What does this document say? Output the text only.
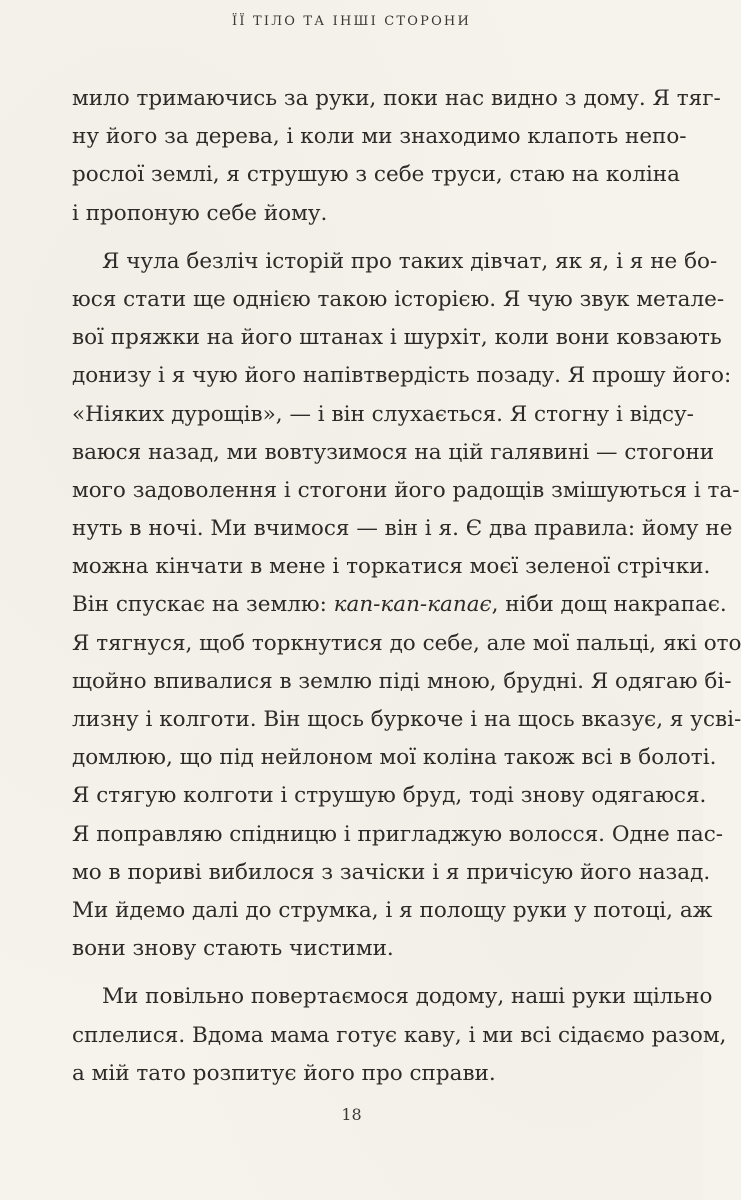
ЇЇ ТІЛО ТА ІНШІ СТОРОНИ
мило тримаючись за руки, поки нас видно з дому. Я тяг-
ну його за дерева, і коли ми знаходимо клапоть непо-
рослої землі, я струшую з себе труси, стаю на коліна
і пропоную себе йому.
Я чула безліч історій про таких дівчат, як я, і я не бо-
юся стати ще однією такою історією. Я чую звук метале-
вої пряжки на його штанах і шурхіт, коли вони ковзають
донизу і я чую його напівтвердість позаду. Я прошу його:
«Ніяких дурощів», — і він слухається. Я стогну і відсу-
ваюся назад, ми вовтузимося на цій галявині — стогони
мого задоволення і стогони його радощів змішуються і та-
нуть в ночі. Ми вчимося — він і я. Є два правила: йому не
можна кінчати в мене і торкатися моєї зеленої стрічки.
Він спускає на землю: кап-кап-капає, ніби дощ накрапає.
Я тягнуся, щоб торкнутися до себе, але мої пальці, які ото
щойно впивалися в землю піді мною, брудні. Я одягаю бі-
лизну і колготи. Він щось буркоче і на щось вказує, я усві-
домлюю, що під нейлоном мої коліна також всі в болоті.
Я стягую колготи і струшую бруд, тоді знову одягаюся.
Я поправляю спідницю і пригладжую волосся. Одне пас-
мо в пориві вибилося з зачіски і я причісую його назад.
Ми йдемо далі до струмка, і я полощу руки у потоці, аж
вони знову стають чистими.
Ми повільно повертаємося додому, наші руки щільно
сплелися. Вдома мама готує каву, і ми всі сідаємо разом,
а мій тато розпитує його про справи.
18
